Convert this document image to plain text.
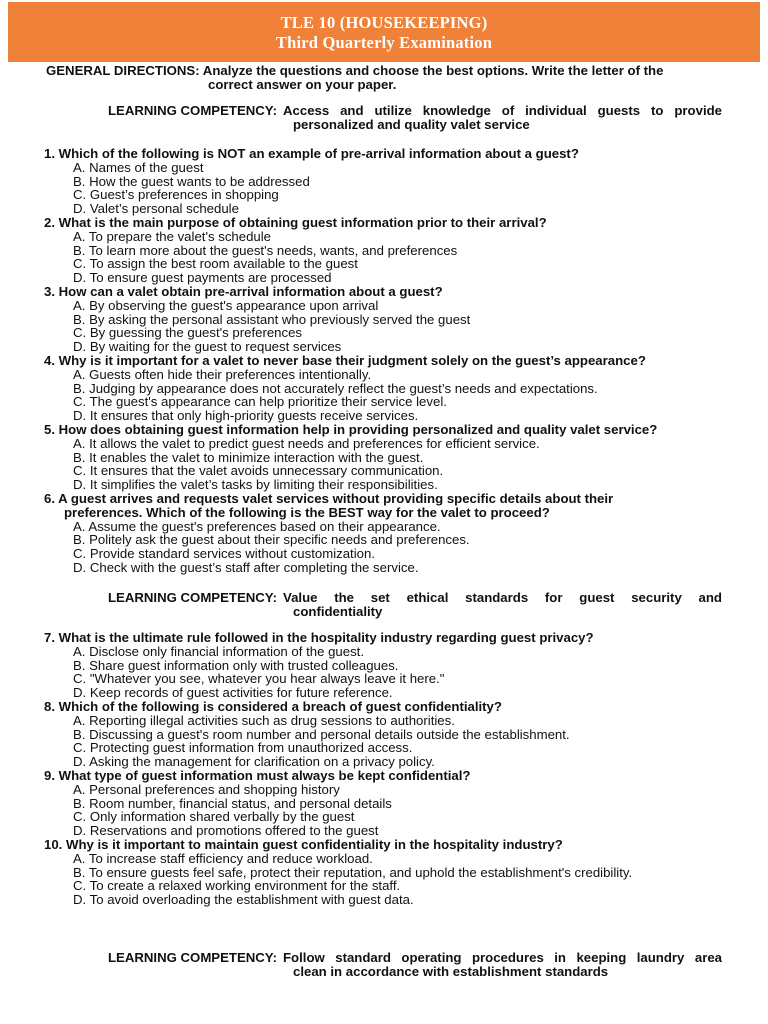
TLE 10 (HOUSEKEEPING)
Third Quarterly Examination
GENERAL DIRECTIONS: Analyze the questions and choose the best options. Write the letter of the
correct answer on your paper.
LEARNING COMPETENCY: Access and utilize knowledge of individual guests to provide
personalized and quality valet service
1. Which of the following is NOT an example of pre-arrival information about a guest?
A. Names of the guest
B. How the guest wants to be addressed
C. Guest’s preferences in shopping
D. Valet’s personal schedule
2. What is the main purpose of obtaining guest information prior to their arrival?
A. To prepare the valet's schedule
B. To learn more about the guest's needs, wants, and preferences
C. To assign the best room available to the guest
D. To ensure guest payments are processed
3. How can a valet obtain pre-arrival information about a guest?
A. By observing the guest's appearance upon arrival
B. By asking the personal assistant who previously served the guest
C. By guessing the guest's preferences
D. By waiting for the guest to request services
4. Why is it important for a valet to never base their judgment solely on the guest’s appearance?
A. Guests often hide their preferences intentionally.
B. Judging by appearance does not accurately reflect the guest’s needs and expectations.
C. The guest's appearance can help prioritize their service level.
D. It ensures that only high-priority guests receive services.
5. How does obtaining guest information help in providing personalized and quality valet service?
A. It allows the valet to predict guest needs and preferences for efficient service.
B. It enables the valet to minimize interaction with the guest.
C. It ensures that the valet avoids unnecessary communication.
D. It simplifies the valet’s tasks by limiting their responsibilities.
6. A guest arrives and requests valet services without providing specific details about their
preferences. Which of the following is the BEST way for the valet to proceed?
A. Assume the guest's preferences based on their appearance.
B. Politely ask the guest about their specific needs and preferences.
C. Provide standard services without customization.
D. Check with the guest’s staff after completing the service.
LEARNING COMPETENCY: Value the set ethical standards for guest security and
confidentiality
7. What is the ultimate rule followed in the hospitality industry regarding guest privacy?
A. Disclose only financial information of the guest.
B. Share guest information only with trusted colleagues.
C. "Whatever you see, whatever you hear always leave it here."
D. Keep records of guest activities for future reference.
8. Which of the following is considered a breach of guest confidentiality?
A. Reporting illegal activities such as drug sessions to authorities.
B. Discussing a guest's room number and personal details outside the establishment.
C. Protecting guest information from unauthorized access.
D. Asking the management for clarification on a privacy policy.
9. What type of guest information must always be kept confidential?
A. Personal preferences and shopping history
B. Room number, financial status, and personal details
C. Only information shared verbally by the guest
D. Reservations and promotions offered to the guest
10. Why is it important to maintain guest confidentiality in the hospitality industry?
A. To increase staff efficiency and reduce workload.
B. To ensure guests feel safe, protect their reputation, and uphold the establishment's credibility.
C. To create a relaxed working environment for the staff.
D. To avoid overloading the establishment with guest data.
LEARNING COMPETENCY: Follow standard operating procedures in keeping laundry area
clean in accordance with establishment standards
